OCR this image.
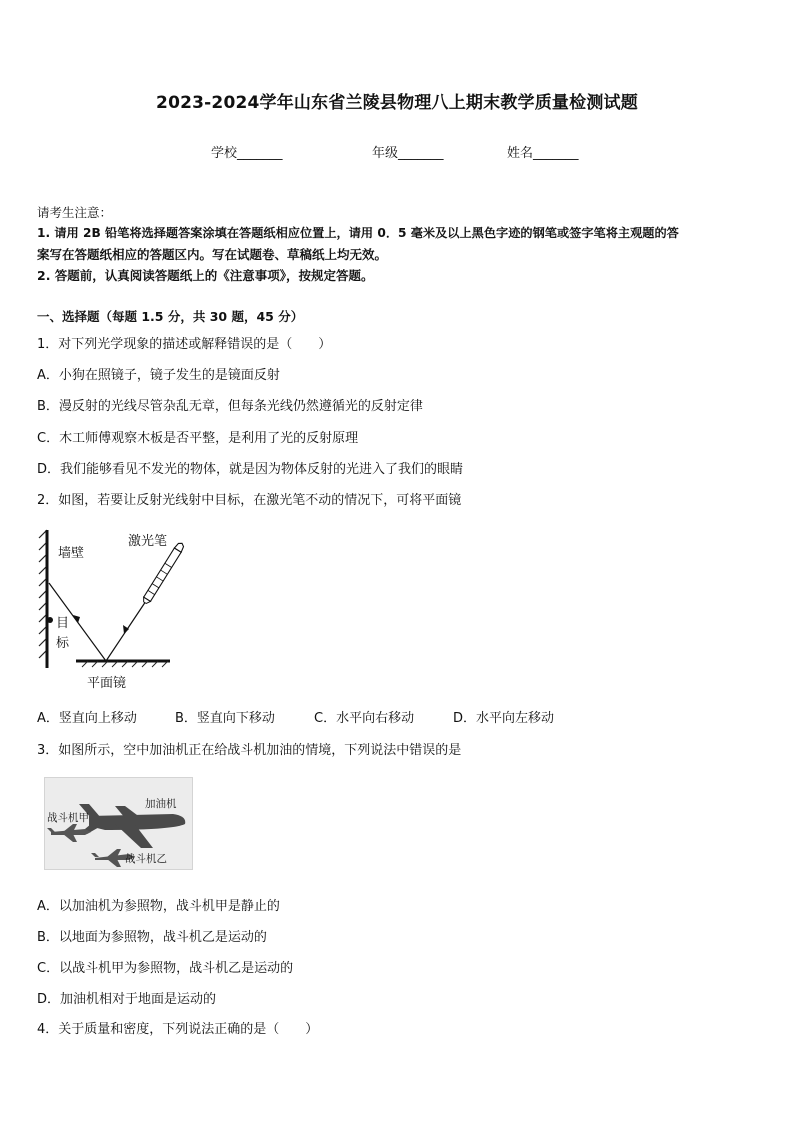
2023-2024学年山东省兰陵县物理八上期末教学质量检测试题
学校_______	年级_______	姓名_______
请考生注意：
1. 请用 2B 铅笔将选择题答案涂填在答题纸相应位置上，请用 0．5 毫米及以上黑色字迹的钢笔或签字笔将主观题的答
案写在答题纸相应的答题区内。写在试题卷、草稿纸上均无效。
2. 答题前，认真阅读答题纸上的《注意事项》，按规定答题。
一、选择题（每题 1.5 分，共 30 题，45 分）
1．对下列光学现象的描述或解释错误的是（　　）
A．小狗在照镜子，镜子发生的是镜面反射
B．漫反射的光线尽管杂乱无章，但每条光线仍然遵循光的反射定律
C．木工师傅观察木板是否平整，是利用了光的反射原理
D．我们能够看见不发光的物体，就是因为物体反射的光进入了我们的眼睛
2．如图，若要让反射光线射中目标，在激光笔不动的情况下，可将平面镜
墙壁
激光笔
目
标
平面镜
A．竖直向上移动	B．竖直向下移动	C．水平向右移动	D．水平向左移动
3．如图所示，空中加油机正在给战斗机加油的情境，下列说法中错误的是
加油机
战斗机甲
战斗机乙
A．以加油机为参照物，战斗机甲是静止的
B．以地面为参照物，战斗机乙是运动的
C．以战斗机甲为参照物，战斗机乙是运动的
D．加油机相对于地面是运动的
4．关于质量和密度，下列说法正确的是（　　）
